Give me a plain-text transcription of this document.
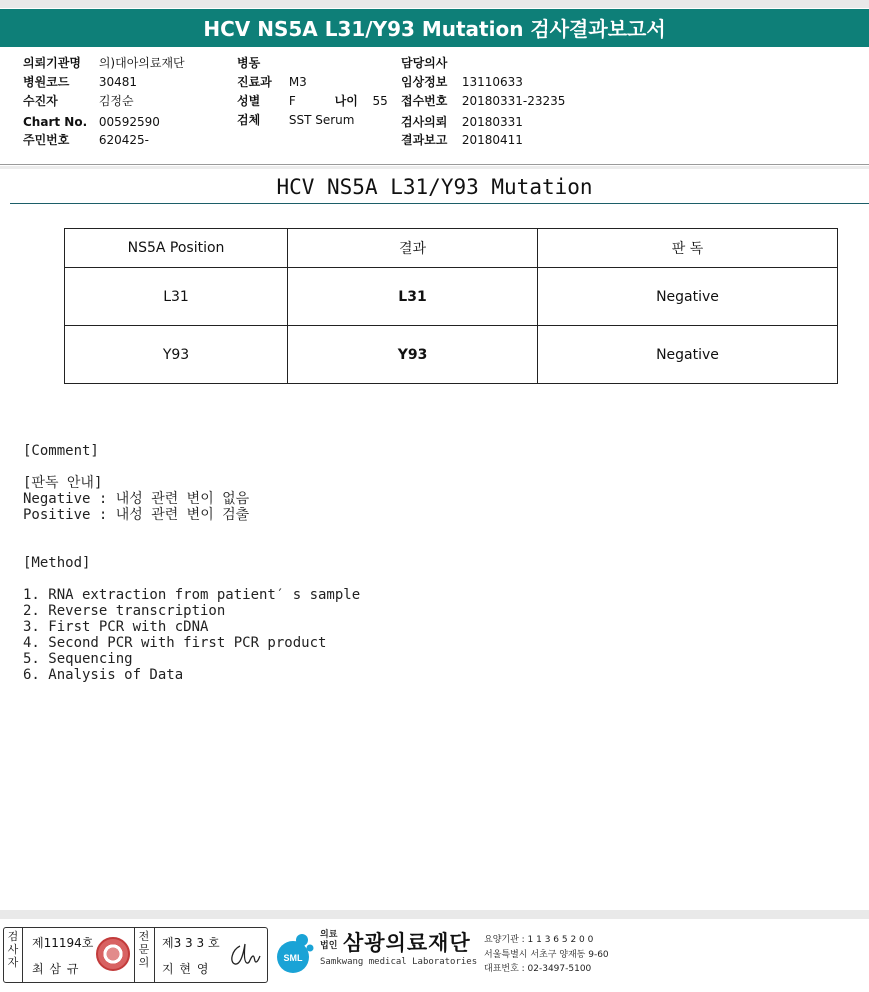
HCV NS5A L31/Y93 Mutation 검사결과보고서
의뢰기관명 의)대아의료재단
병원코드 30481
수진자	김정순
Chart No. 00592590
주민번호 620425-
병동
진료과 M3
성별 F	나이 55
검체 SST Serum
담당의사
임상정보 13110633
접수번호 20180331-23235
검사의뢰 20180331
결과보고 20180411
HCV NS5A L31/Y93 Mutation
NS5A Position	결과	판 독
L31	L31	Negative
Y93	Y93	Negative
[Comment]
[판독 안내]
Negative : 내성 관련 변이 없음
Positive : 내성 관련 변이 검출
[Method]
1. RNA extraction from patient′ s sample
2. Reverse transcription
3. First PCR with cDNA
4. Second PCR with first PCR product
5. Sequencing
6. Analysis of Data
검사자
제11194호
최 삼 규
전문의
제3 3 3 호
지 현 영
SML
의료
법인 삼광의료재단
Samkwang medical Laboratories
요양기관 : 1 1 3 6 5 2 0 0
서울특별시 서초구 양재동 9-60
대표번호 : 02-3497-5100
